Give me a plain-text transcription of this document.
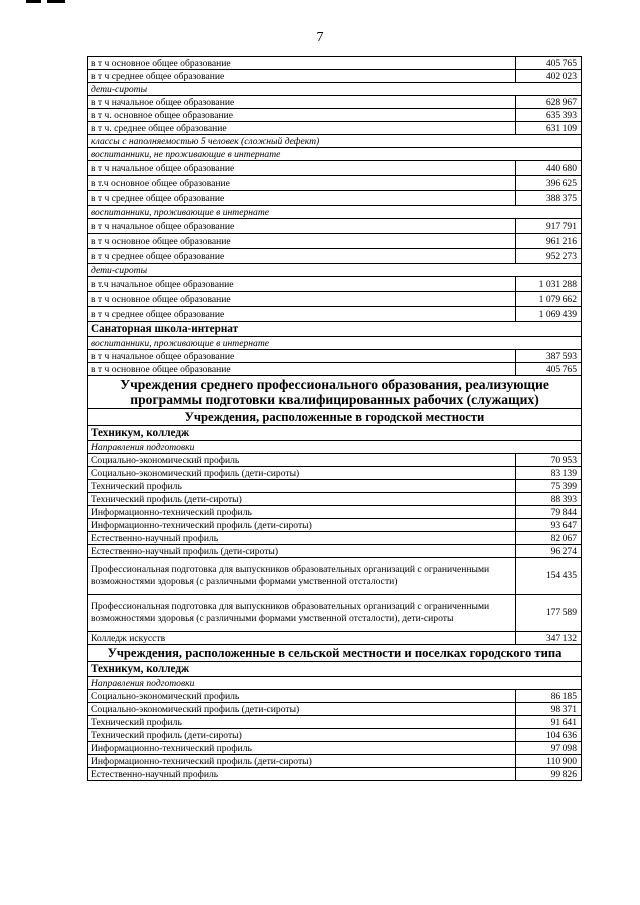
7
в т ч основное общее образование	405 765
в т ч среднее общее образование	402 023
дети-сироты	
в т ч начальное общее образование	628 967
в т ч. основное общее образование	635 393
в т ч. среднее общее образование	631 109
классы с наполняемостью 5 человек (сложный дефект)	
воспитанники, не проживающие в интернате	
в т ч начальное общее образование	440 680
в т.ч основное общее образование	396 625
в т ч среднее общее образование	388 375
воспитанники, проживающие в интернате	
в т ч начальное общее образование	917 791
в т ч основное общее образование	961 216
в т ч среднее общее образование	952 273
дети-сироты	
в т.ч начальное общее образование	1 031 288
в т ч основное общее образование	1 079 662
в т ч среднее общее образование	1 069 439
Санаторная школа-интернат	
воспитанники, проживающие в интернате	
в т ч начальное общее образование	387 593
в т ч основное общее образование	405 765
Учреждения среднего профессионального образования, реализующие программы подготовки квалифицированных рабочих (служащих)	
Учреждения, расположенные в городской местности	
Техникум, колледж	
Направления подготовки	
Социально-экономический профиль	70 953
Социально-экономический профиль (дети-сироты)	83 139
Технический профиль	75 399
Технический профиль (дети-сироты)	88 393
Информационно-технический профиль	79 844
Информационно-технический профиль (дети-сироты)	93 647
Естественно-научный профиль	82 067
Естественно-научный профиль (дети-сироты)	96 274
Профессиональная подготовка для выпускников образовательных организаций с ограниченными возможностями здоровья (с различными формами умственной отсталости)	154 435
Профессиональная подготовка для выпускников образовательных организаций с ограниченными возможностями здоровья (с различными формами умственной отсталости), дети-сироты	177 589
Колледж искусств	347 132
Учреждения, расположенные в сельской местности и поселках городского типа	
Техникум, колледж	
Направления подготовки	
Социально-экономический профиль	86 185
Социально-экономический профиль (дети-сироты)	98 371
Технический профиль	91 641
Технический профиль (дети-сироты)	104 636
Информационно-технический профиль	97 098
Информационно-технический профиль (дети-сироты)	110 900
Естественно-научный профиль	99 826
